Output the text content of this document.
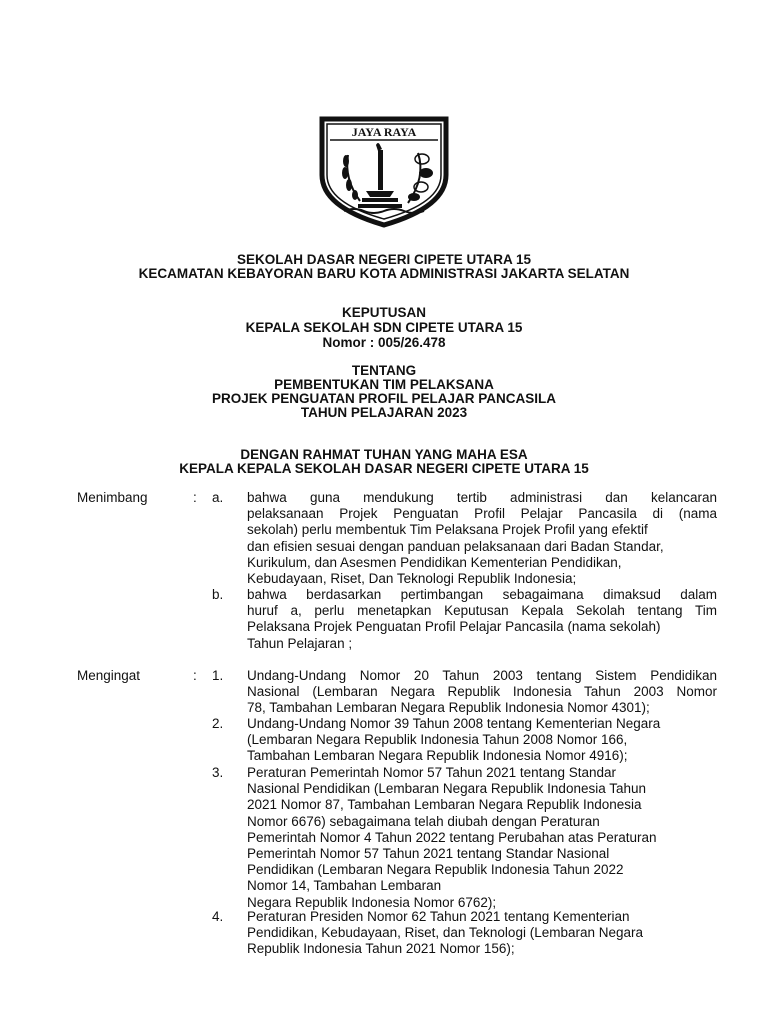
JAYA RAYA
SEKOLAH DASAR NEGERI CIPETE UTARA 15
KECAMATAN KEBAYORAN BARU KOTA ADMINISTRASI JAKARTA SELATAN
KEPUTUSAN
KEPALA SEKOLAH SDN CIPETE UTARA 15
Nomor : 005/26.478
TENTANG
PEMBENTUKAN TIM PELAKSANA
PROJEK PENGUATAN PROFIL PELAJAR PANCASILA
TAHUN PELAJARAN 2023
DENGAN RAHMAT TUHAN YANG MAHA ESA
KEPALA KEPALA SEKOLAH DASAR NEGERI CIPETE UTARA 15
Menimbang	: a. bahwa guna mendukung tertib administrasi dan kelancaran
pelaksanaan Projek Penguatan Profil Pelajar Pancasila di (nama
sekolah) perlu membentuk Tim Pelaksana Projek Profil yang efektif
dan efisien sesuai dengan panduan pelaksanaan dari Badan Standar,
Kurikulum, dan Asesmen Pendidikan Kementerian Pendidikan,
Kebudayaan, Riset, Dan Teknologi Republik Indonesia;
b. bahwa berdasarkan pertimbangan sebagaimana dimaksud dalam
huruf a, perlu menetapkan Keputusan Kepala Sekolah tentang Tim
Pelaksana Projek Penguatan Profil Pelajar Pancasila (nama sekolah)
Tahun Pelajaran ;
Mengingat	: 1. Undang-Undang Nomor 20 Tahun 2003 tentang Sistem Pendidikan
Nasional (Lembaran Negara Republik Indonesia Tahun 2003 Nomor
78, Tambahan Lembaran Negara Republik Indonesia Nomor 4301);
2. Undang-Undang Nomor 39 Tahun 2008 tentang Kementerian Negara
(Lembaran Negara Republik Indonesia Tahun 2008 Nomor 166,
Tambahan Lembaran Negara Republik Indonesia Nomor 4916);
3. Peraturan Pemerintah Nomor 57 Tahun 2021 tentang Standar
Nasional Pendidikan (Lembaran Negara Republik Indonesia Tahun
2021 Nomor 87, Tambahan Lembaran Negara Republik Indonesia
Nomor 6676) sebagaimana telah diubah dengan Peraturan
Pemerintah Nomor 4 Tahun 2022 tentang Perubahan atas Peraturan
Pemerintah Nomor 57 Tahun 2021 tentang Standar Nasional
Pendidikan (Lembaran Negara Republik Indonesia Tahun 2022
Nomor 14, Tambahan Lembaran
Negara Republik Indonesia Nomor 6762);
4. Peraturan Presiden Nomor 62 Tahun 2021 tentang Kementerian
Pendidikan, Kebudayaan, Riset, dan Teknologi (Lembaran Negara
Republik Indonesia Tahun 2021 Nomor 156);
